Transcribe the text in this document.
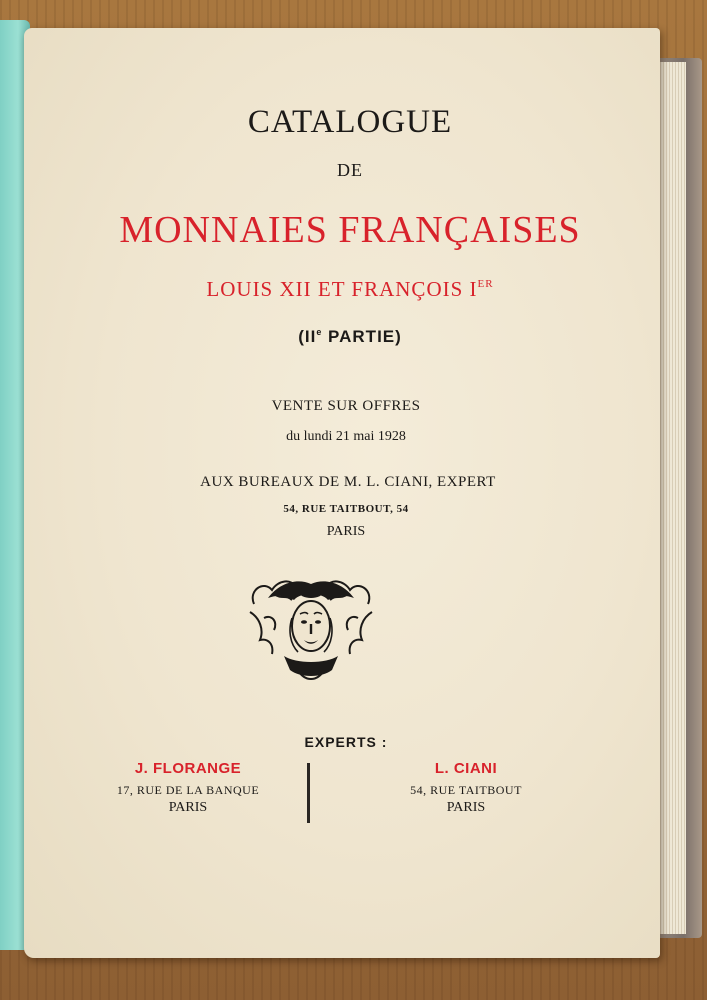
CATALOGUE
DE
MONNAIES FRANÇAISES
LOUIS XII ET FRANÇOIS IER
(IIe PARTIE)
VENTE SUR OFFRES
du lundi 21 mai 1928
AUX BUREAUX DE M. L. CIANI, EXPERT
54, RUE TAITBOUT, 54
PARIS
EXPERTS :
J. FLORANGE
17, RUE DE LA BANQUE
PARIS
L. CIANI
54, RUE TAITBOUT
PARIS
